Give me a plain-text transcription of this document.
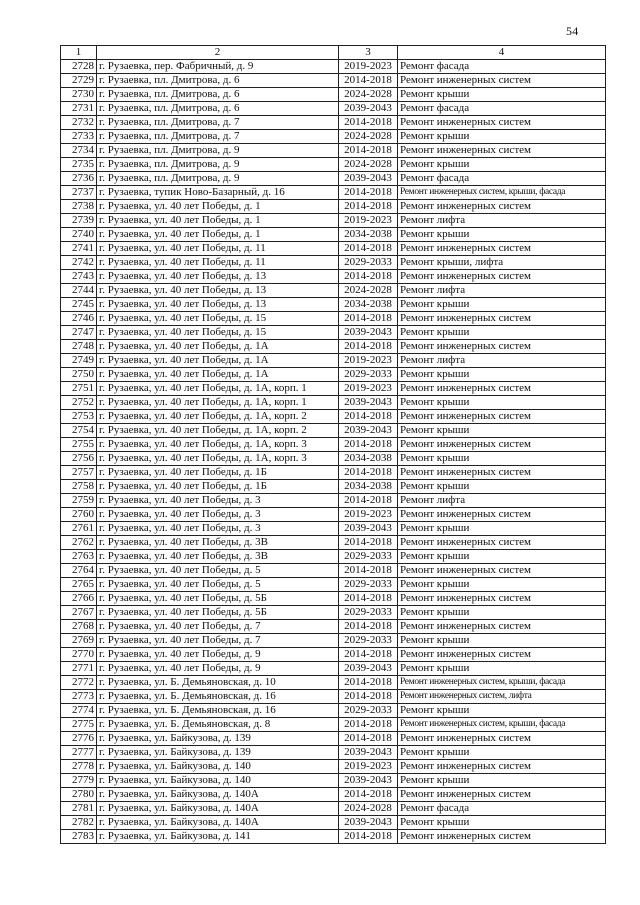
54
1	2	3	4
2728	г. Рузаевка, пер. Фабричный, д. 9	2019-2023	Ремонт фасада
2729	г. Рузаевка, пл. Дмитрова, д. 6	2014-2018	Ремонт инженерных систем
2730	г. Рузаевка, пл. Дмитрова, д. 6	2024-2028	Ремонт крыши
2731	г. Рузаевка, пл. Дмитрова, д. 6	2039-2043	Ремонт фасада
2732	г. Рузаевка, пл. Дмитрова, д. 7	2014-2018	Ремонт инженерных систем
2733	г. Рузаевка, пл. Дмитрова, д. 7	2024-2028	Ремонт крыши
2734	г. Рузаевка, пл. Дмитрова, д. 9	2014-2018	Ремонт инженерных систем
2735	г. Рузаевка, пл. Дмитрова, д. 9	2024-2028	Ремонт крыши
2736	г. Рузаевка, пл. Дмитрова, д. 9	2039-2043	Ремонт фасада
2737	г. Рузаевка, тупик Ново-Базарный, д. 16	2014-2018	Ремонт инженерных систем, крыши, фасада
2738	г. Рузаевка, ул. 40 лет Победы, д. 1	2014-2018	Ремонт инженерных систем
2739	г. Рузаевка, ул. 40 лет Победы, д. 1	2019-2023	Ремонт лифта
2740	г. Рузаевка, ул. 40 лет Победы, д. 1	2034-2038	Ремонт крыши
2741	г. Рузаевка, ул. 40 лет Победы, д. 11	2014-2018	Ремонт инженерных систем
2742	г. Рузаевка, ул. 40 лет Победы, д. 11	2029-2033	Ремонт крыши, лифта
2743	г. Рузаевка, ул. 40 лет Победы, д. 13	2014-2018	Ремонт инженерных систем
2744	г. Рузаевка, ул. 40 лет Победы, д. 13	2024-2028	Ремонт лифта
2745	г. Рузаевка, ул. 40 лет Победы, д. 13	2034-2038	Ремонт крыши
2746	г. Рузаевка, ул. 40 лет Победы, д. 15	2014-2018	Ремонт инженерных систем
2747	г. Рузаевка, ул. 40 лет Победы, д. 15	2039-2043	Ремонт крыши
2748	г. Рузаевка, ул. 40 лет Победы, д. 1А	2014-2018	Ремонт инженерных систем
2749	г. Рузаевка, ул. 40 лет Победы, д. 1А	2019-2023	Ремонт лифта
2750	г. Рузаевка, ул. 40 лет Победы, д. 1А	2029-2033	Ремонт крыши
2751	г. Рузаевка, ул. 40 лет Победы, д. 1А, корп. 1	2019-2023	Ремонт инженерных систем
2752	г. Рузаевка, ул. 40 лет Победы, д. 1А, корп. 1	2039-2043	Ремонт крыши
2753	г. Рузаевка, ул. 40 лет Победы, д. 1А, корп. 2	2014-2018	Ремонт инженерных систем
2754	г. Рузаевка, ул. 40 лет Победы, д. 1А, корп. 2	2039-2043	Ремонт крыши
2755	г. Рузаевка, ул. 40 лет Победы, д. 1А, корп. 3	2014-2018	Ремонт инженерных систем
2756	г. Рузаевка, ул. 40 лет Победы, д. 1А, корп. 3	2034-2038	Ремонт крыши
2757	г. Рузаевка, ул. 40 лет Победы, д. 1Б	2014-2018	Ремонт инженерных систем
2758	г. Рузаевка, ул. 40 лет Победы, д. 1Б	2034-2038	Ремонт крыши
2759	г. Рузаевка, ул. 40 лет Победы, д. 3	2014-2018	Ремонт лифта
2760	г. Рузаевка, ул. 40 лет Победы, д. 3	2019-2023	Ремонт инженерных систем
2761	г. Рузаевка, ул. 40 лет Победы, д. 3	2039-2043	Ремонт крыши
2762	г. Рузаевка, ул. 40 лет Победы, д. 3В	2014-2018	Ремонт инженерных систем
2763	г. Рузаевка, ул. 40 лет Победы, д. 3В	2029-2033	Ремонт крыши
2764	г. Рузаевка, ул. 40 лет Победы, д. 5	2014-2018	Ремонт инженерных систем
2765	г. Рузаевка, ул. 40 лет Победы, д. 5	2029-2033	Ремонт крыши
2766	г. Рузаевка, ул. 40 лет Победы, д. 5Б	2014-2018	Ремонт инженерных систем
2767	г. Рузаевка, ул. 40 лет Победы, д. 5Б	2029-2033	Ремонт крыши
2768	г. Рузаевка, ул. 40 лет Победы, д. 7	2014-2018	Ремонт инженерных систем
2769	г. Рузаевка, ул. 40 лет Победы, д. 7	2029-2033	Ремонт крыши
2770	г. Рузаевка, ул. 40 лет Победы, д. 9	2014-2018	Ремонт инженерных систем
2771	г. Рузаевка, ул. 40 лет Победы, д. 9	2039-2043	Ремонт крыши
2772	г. Рузаевка, ул. Б. Демьяновская, д. 10	2014-2018	Ремонт инженерных систем, крыши, фасада
2773	г. Рузаевка, ул. Б. Демьяновская, д. 16	2014-2018	Ремонт инженерных систем, лифта
2774	г. Рузаевка, ул. Б. Демьяновская, д. 16	2029-2033	Ремонт крыши
2775	г. Рузаевка, ул. Б. Демьяновская, д. 8	2014-2018	Ремонт инженерных систем, крыши, фасада
2776	г. Рузаевка, ул. Байкузова, д. 139	2014-2018	Ремонт инженерных систем
2777	г. Рузаевка, ул. Байкузова, д. 139	2039-2043	Ремонт крыши
2778	г. Рузаевка, ул. Байкузова, д. 140	2019-2023	Ремонт инженерных систем
2779	г. Рузаевка, ул. Байкузова, д. 140	2039-2043	Ремонт крыши
2780	г. Рузаевка, ул. Байкузова, д. 140А	2014-2018	Ремонт инженерных систем
2781	г. Рузаевка, ул. Байкузова, д. 140А	2024-2028	Ремонт фасада
2782	г. Рузаевка, ул. Байкузова, д. 140А	2039-2043	Ремонт крыши
2783	г. Рузаевка, ул. Байкузова, д. 141	2014-2018	Ремонт инженерных систем
